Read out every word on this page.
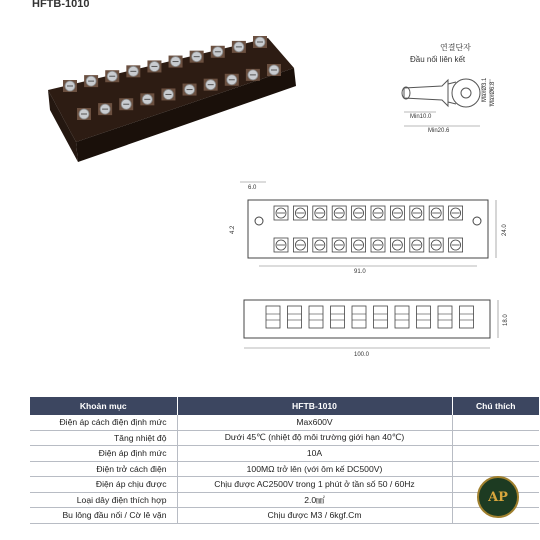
HFTB-1010
연결단자
Đầu nối liên kết
MaxØ3.1 MaxØ6.8
Min10.0
Min20.6
6.0
4.2	24.0
91.0
18.0
100.0
Khoản mục	HFTB-1010	Chú thích
Điện áp cách điện định mức	Max600V	
Tăng nhiệt độ	Dưới 45℃ (nhiệt độ môi trường giới hạn 40℃)	
Điện áp định mức	10A	
Điện trở cách điện	100MΩ trở lên (với ôm kế DC500V)	
Điện áp chịu được	Chịu được AC2500V trong 1 phút ở tần số 50 / 60Hz	
Loại dây điện thích hợp	2.0㎟	
Bu lông đầu nối / Cờ lê vặn	Chịu được M3 / 6kgf.Cm	
AP
